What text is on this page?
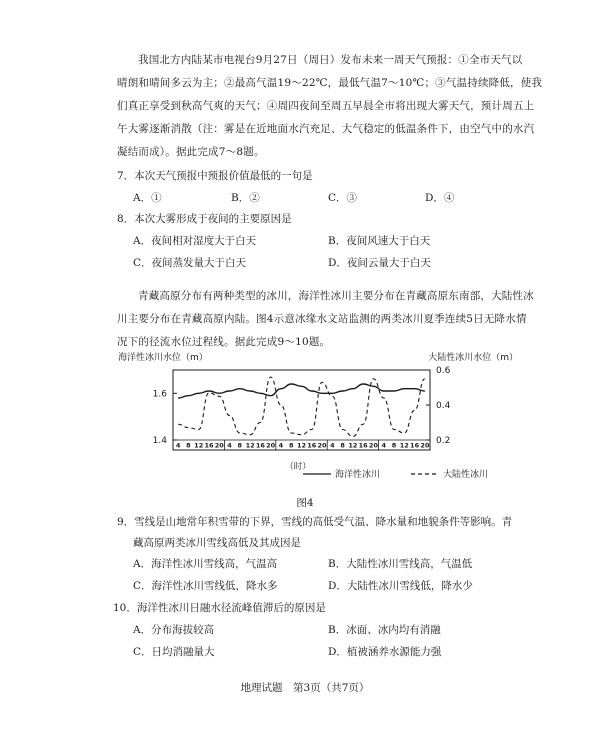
我国北方内陆某市电视台9月27日（周日）发布未来一周天气预报：①全市天气以
晴朗和晴间多云为主；②最高气温19～22℃，最低气温7～10℃；③气温持续降低，使我
们真正享受到秋高气爽的天气；④周四夜间至周五早晨全市将出现大雾天气，预计周五上
午大雾逐渐消散（注：雾是在近地面水汽充足、大气稳定的低温条件下，由空气中的水汽
凝结而成）。据此完成7～8题。
7．本次天气预报中预报价值最低的一句是
A．①	B．②	C．③	D．④
8．本次大雾形成于夜间的主要原因是
A．夜间相对湿度大于白天	B．夜间风速大于白天
C．夜间蒸发量大于白天	D．夜间云量大于白天
青藏高原分布有两种类型的冰川，海洋性冰川主要分布在青藏高原东南部，大陆性冰
川主要分布在青藏高原内陆。图4示意冰缘水文站监测的两类冰川夏季连续5日无降水情
况下的径流水位过程线。据此完成9～10题。
海洋性冰川水位（m）	大陆性冰川水位（m）
1.6
1.4
0.6
0.4
0.2
4 8 12 16 20 4 8 12 16 20 4 8 12 16 20 4 8 12 16 20 4 8 12 16 20
（时）
海洋性冰川	大陆性冰川
图4
9．雪线是山地常年积雪带的下界，雪线的高低受气温、降水量和地貌条件等影响。青
藏高原两类冰川雪线高低及其成因是
A．海洋性冰川雪线高，气温高	B．大陆性冰川雪线高，气温低
C．海洋性冰川雪线低，降水多	D．大陆性冰川雪线低，降水少
10．海洋性冰川日融水径流峰值滞后的原因是
A．分布海拔较高	B．冰面、冰内均有消融
C．日均消融量大	D．植被涵养水源能力强
地理试题　第3页（共7页）
